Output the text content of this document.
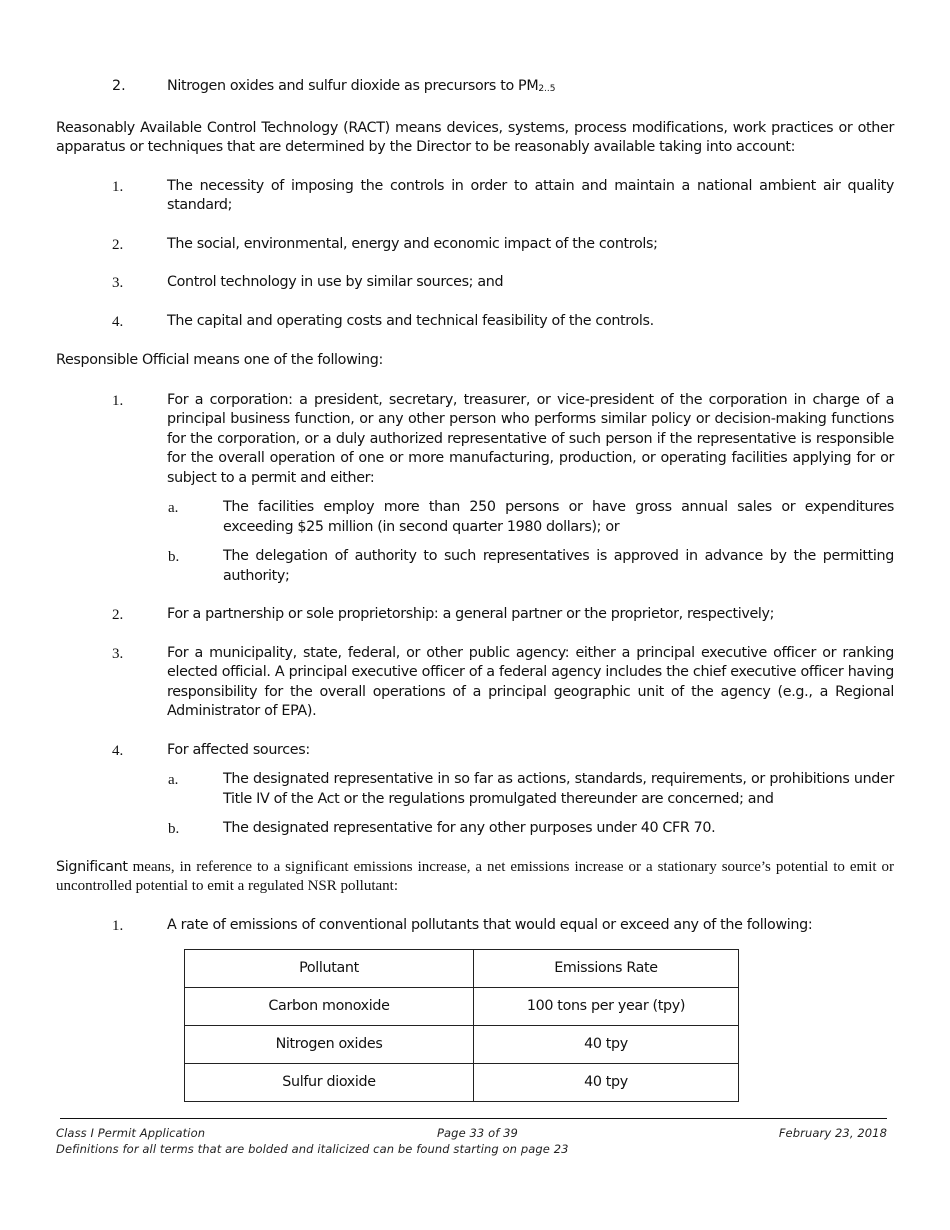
2.	Nitrogen oxides and sulfur dioxide as precursors to $PM_{2..5}$

Reasonably Available Control Technology (RACT) means devices, systems, process modifications, work practices or other apparatus or techniques that are determined by the Director to be reasonably available taking into account:

1.	The necessity of imposing the controls in order to attain and maintain a national ambient air quality standard;
2.	The social, environmental, energy and economic impact of the controls;
3.	Control technology in use by similar sources; and
4.	The capital and operating costs and technical feasibility of the controls.

Responsible Official means one of the following:

1.	For a corporation: a president, secretary, treasurer, or vice-president of the corporation in charge of a principal business function, or any other person who performs similar policy or decision-making functions for the corporation, or a duly authorized representative of such person if the representative is responsible for the overall operation of one or more manufacturing, production, or operating facilities applying for or subject to a permit and either:
a.	The facilities employ more than 250 persons or have gross annual sales or expenditures exceeding $25 million (in second quarter 1980 dollars); or
b.	The delegation of authority to such representatives is approved in advance by the permitting authority;
2.	For a partnership or sole proprietorship: a general partner or the proprietor, respectively;
3.	For a municipality, state, federal, or other public agency: either a principal executive officer or ranking elected official. A principal executive officer of a federal agency includes the chief executive officer having responsibility for the overall operations of a principal geographic unit of the agency (e.g., a Regional Administrator of EPA).
4.	For affected sources:
a.	The designated representative in so far as actions, standards, requirements, or prohibitions under Title IV of the Act or the regulations promulgated thereunder are concerned; and
b.	The designated representative for any other purposes under 40 CFR 70.

Significant means, in reference to a significant emissions increase, a net emissions increase or a stationary source’s potential to emit or uncontrolled potential to emit a regulated NSR pollutant:

1.	A rate of emissions of conventional pollutants that would equal or exceed any of the following:
Pollutant	Emissions Rate
Carbon monoxide	100 tons per year (tpy)
Nitrogen oxides	40 tpy
Sulfur dioxide	40 tpy
Class I Permit Application	Page 33 of 39	February 23, 2018
Definitions for all terms that are bolded and italicized can be found starting on page 23
